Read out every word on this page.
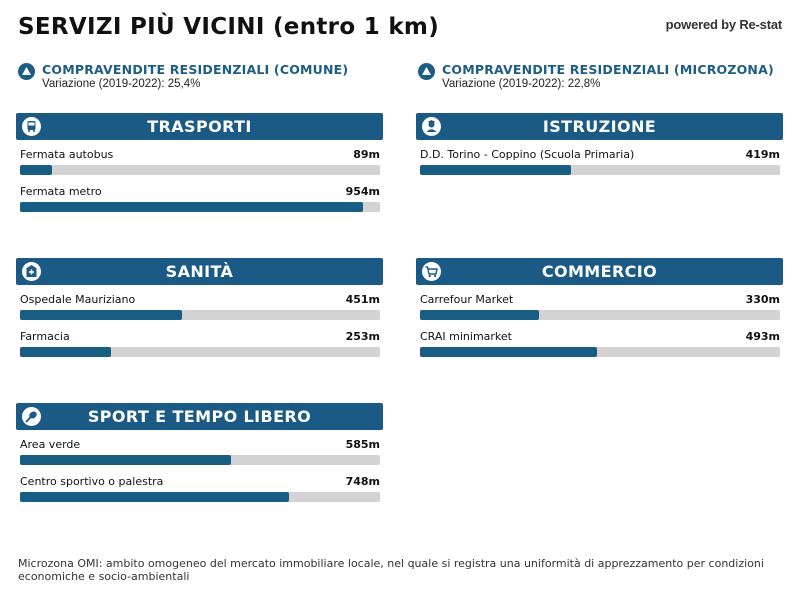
SERVIZI PIÙ VICINI (entro 1 km)	powered by Re-stat
COMPRAVENDITE RESIDENZIALI (COMUNE)
Variazione (2019-2022): 25,4%
COMPRAVENDITE RESIDENZIALI (MICROZONA)
Variazione (2019-2022): 22,8%
TRASPORTI
Fermata autobus	89m
Fermata metro	954m
ISTRUZIONE
D.D. Torino - Coppino (Scuola Primaria)	419m
SANITÀ
Ospedale Mauriziano	451m
Farmacia	253m
COMMERCIO
Carrefour Market	330m
CRAI minimarket	493m
SPORT E TEMPO LIBERO
Area verde	585m
Centro sportivo o palestra	748m
Microzona OMI: ambito omogeneo del mercato immobiliare locale, nel quale si registra una uniformità di apprezzamento per condizioni economiche e socio-ambientali
